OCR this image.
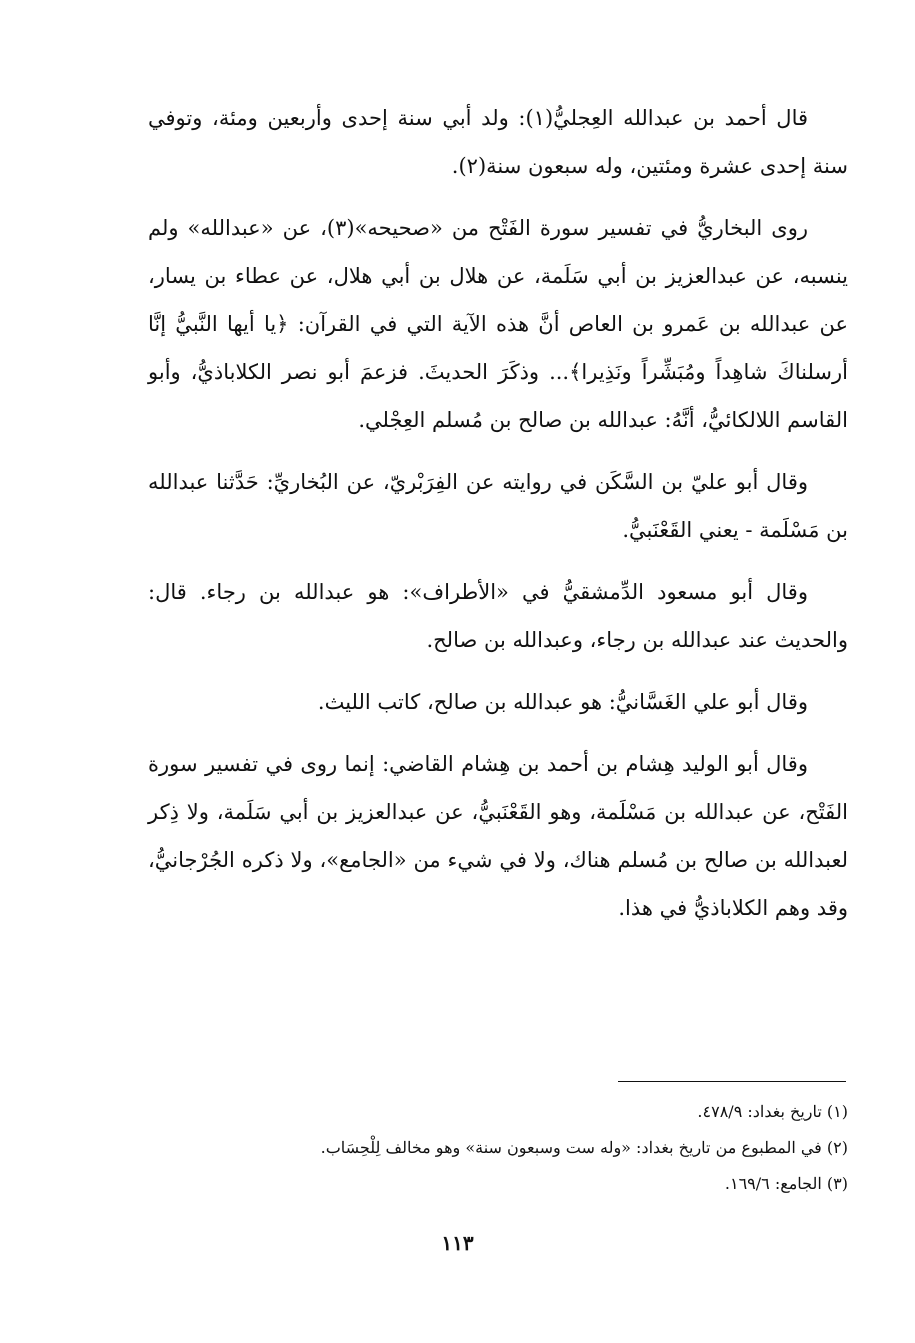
قال أحمد بن عبدالله العِجليُّ(١): ولد أبي سنة إحدى وأربعين ومئة، وتوفي سنة إحدى عشرة ومئتين، وله سبعون سنة(٢).

روى البخاريُّ في تفسير سورة الفَتْح من «صحيحه»(٣)، عن «عبدالله» ولم ينسبه، عن عبدالعزيز بن أبي سَلَمة، عن هلال بن أبي هلال، عن عطاء بن يسار، عن عبدالله بن عَمرو بن العاص أنَّ هذه الآية التي في القرآن: ﴿يا أيها النَّبيُّ إنَّا أرسلناكَ شاهِداً ومُبَشِّراً ونَذِيرا﴾... وذكَرَ الحديثَ. فزعمَ أبو نصر الكلاباذيُّ، وأبو القاسم اللالكائيُّ، أنَّهُ: عبدالله بن صالح بن مُسلم العِجْلي.

وقال أبو عليّ بن السَّكَن في روايته عن الفِرَبْريّ، عن البُخاريِّ: حَدَّثنا عبدالله بن مَسْلَمة - يعني القَعْنَبيُّ.

وقال أبو مسعود الدِّمشقيُّ في «الأطراف»: هو عبدالله بن رجاء. قال: والحديث عند عبدالله بن رجاء، وعبدالله بن صالح.

وقال أبو علي الغَسَّانيُّ: هو عبدالله بن صالح، كاتب الليث.

وقال أبو الوليد هِشام بن أحمد بن هِشام القاضي: إنما روى في تفسير سورة الفَتْح، عن عبدالله بن مَسْلَمة، وهو القَعْنَبيُّ، عن عبدالعزيز بن أبي سَلَمة، ولا ذِكر لعبدالله بن صالح بن مُسلم هناك، ولا في شيء من «الجامع»، ولا ذكره الجُرْجانيُّ، وقد وهم الكلاباذيُّ في هذا.

(١) تاريخ بغداد: ٤٧٨/٩.

(٢) في المطبوع من تاريخ بغداد: «وله ست وسبعون سنة» وهو مخالف لِلْحِسَاب.

(٣) الجامع: ١٦٩/٦.

١١٣
